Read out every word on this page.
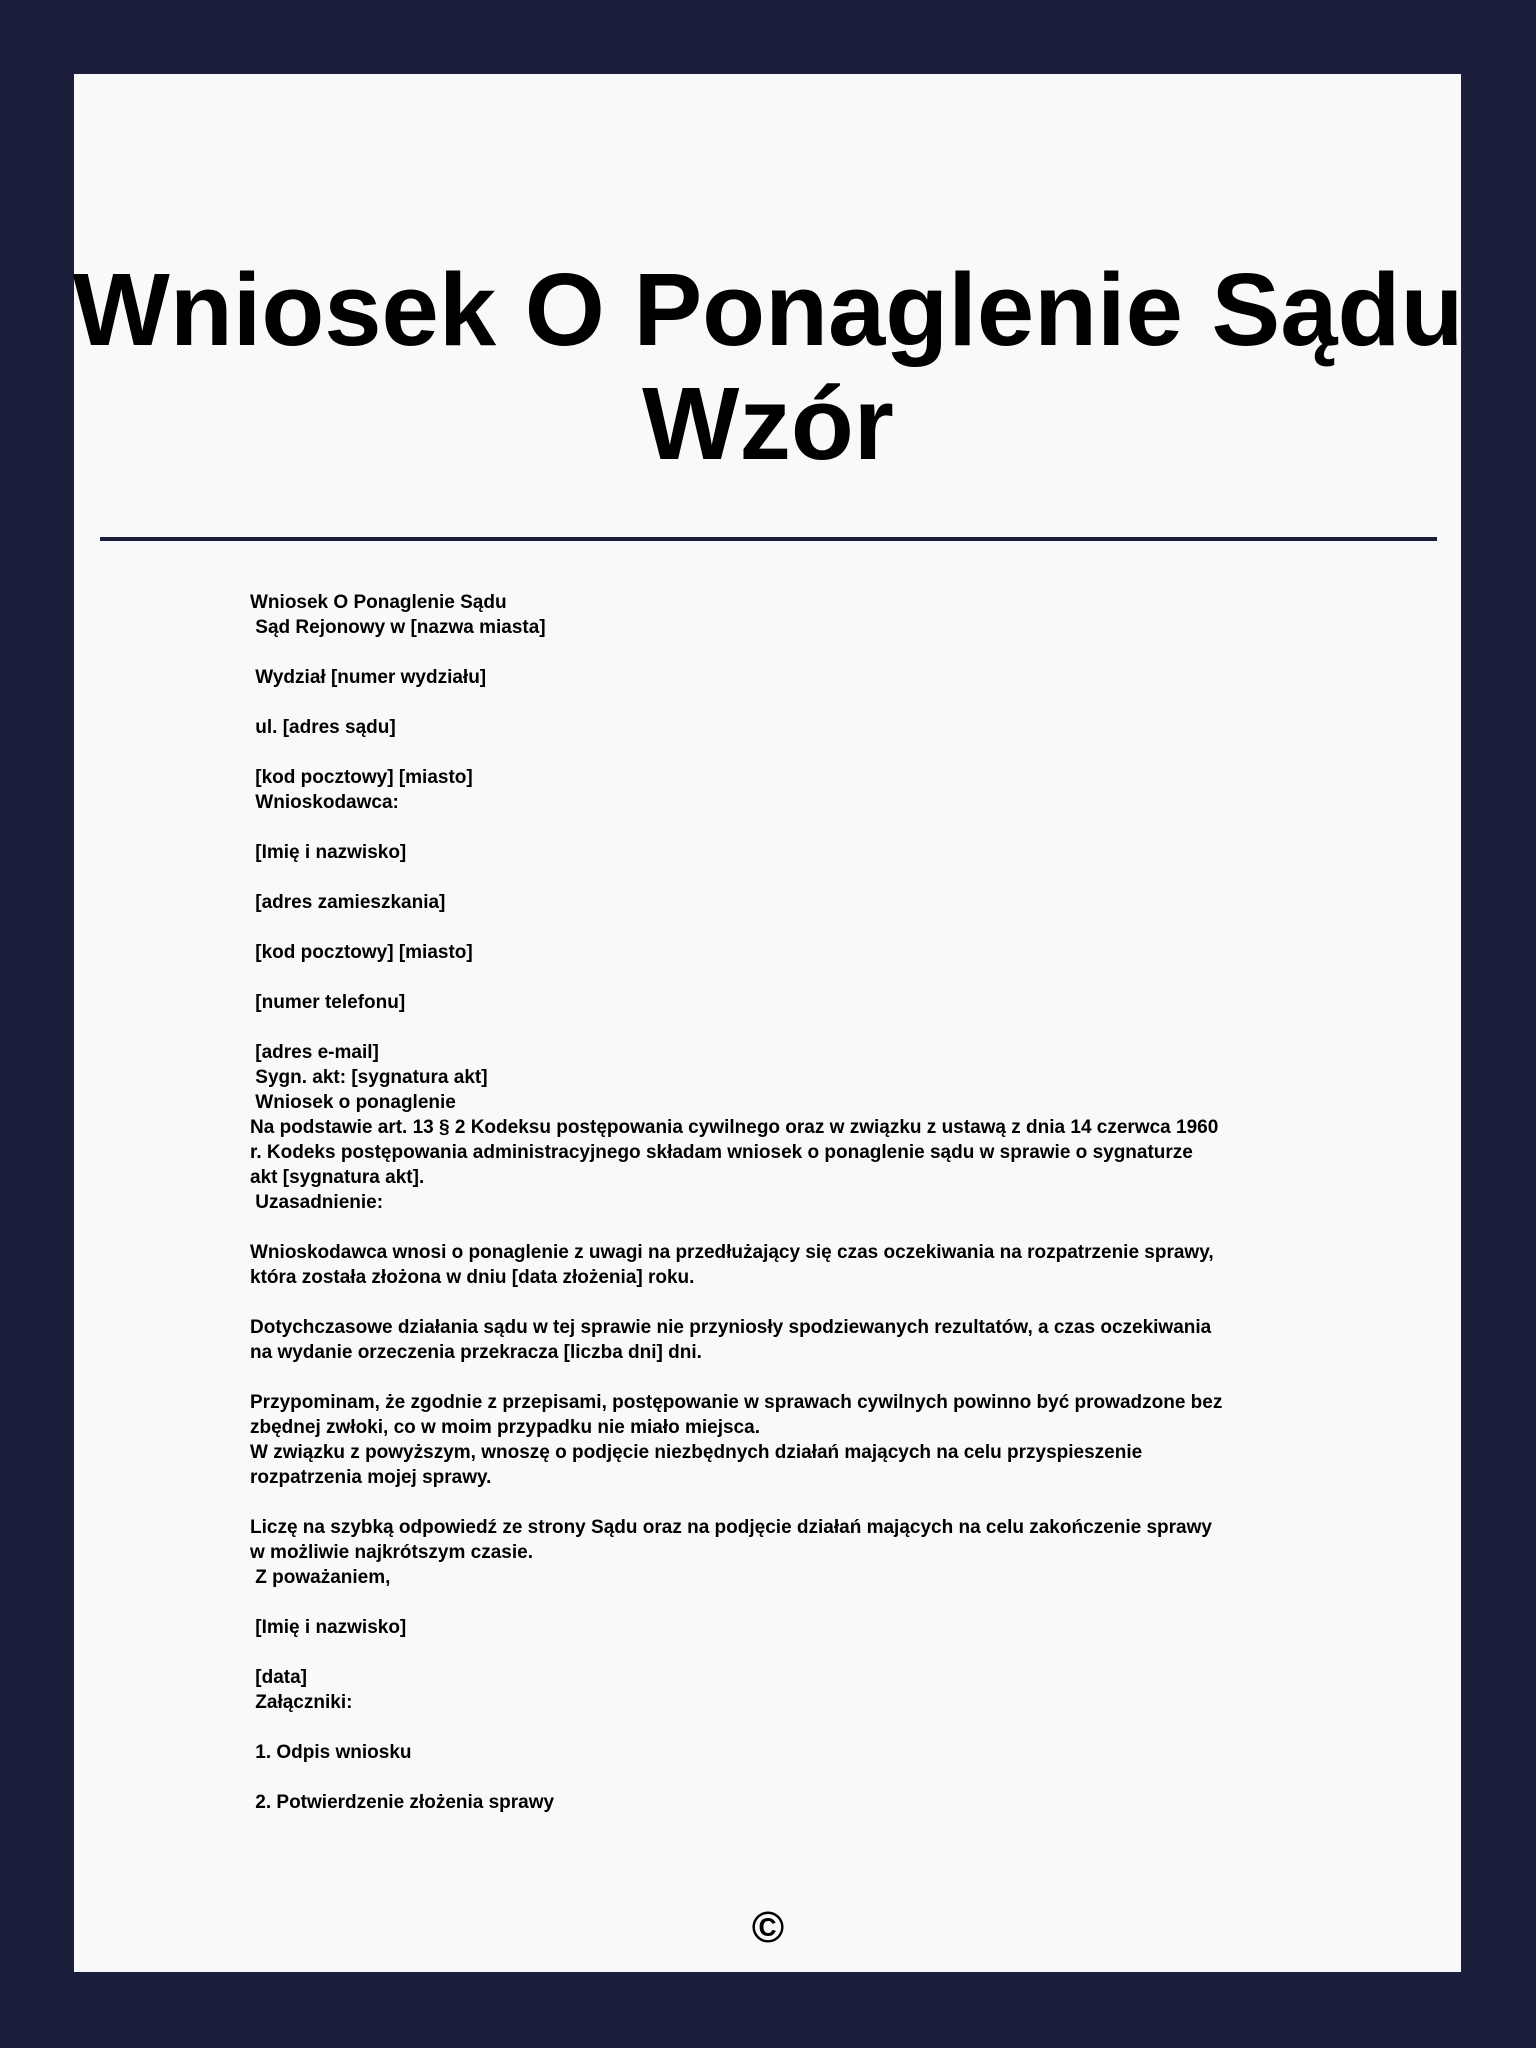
Wniosek O Ponaglenie Sądu
Wzór
Wniosek O Ponaglenie Sądu
Sąd Rejonowy w [nazwa miasta]
Wydział [numer wydziału]
ul. [adres sądu]
[kod pocztowy] [miasto]
Wnioskodawca:
[Imię i nazwisko]
[adres zamieszkania]
[kod pocztowy] [miasto]
[numer telefonu]
[adres e-mail]
Sygn. akt: [sygnatura akt]
Wniosek o ponaglenie
Na podstawie art. 13 § 2 Kodeksu postępowania cywilnego oraz w związku z ustawą z dnia 14 czerwca 1960
r. Kodeks postępowania administracyjnego składam wniosek o ponaglenie sądu w sprawie o sygnaturze
akt [sygnatura akt].
Uzasadnienie:
Wnioskodawca wnosi o ponaglenie z uwagi na przedłużający się czas oczekiwania na rozpatrzenie sprawy,
która została złożona w dniu [data złożenia] roku.
Dotychczasowe działania sądu w tej sprawie nie przyniosły spodziewanych rezultatów, a czas oczekiwania
na wydanie orzeczenia przekracza [liczba dni] dni.
Przypominam, że zgodnie z przepisami, postępowanie w sprawach cywilnych powinno być prowadzone bez
zbędnej zwłoki, co w moim przypadku nie miało miejsca.
W związku z powyższym, wnoszę o podjęcie niezbędnych działań mających na celu przyspieszenie
rozpatrzenia mojej sprawy.
Liczę na szybką odpowiedź ze strony Sądu oraz na podjęcie działań mających na celu zakończenie sprawy
w możliwie najkrótszym czasie.
Z poważaniem,
[Imię i nazwisko]
[data]
Załączniki:
1. Odpis wniosku
2. Potwierdzenie złożenia sprawy
©
